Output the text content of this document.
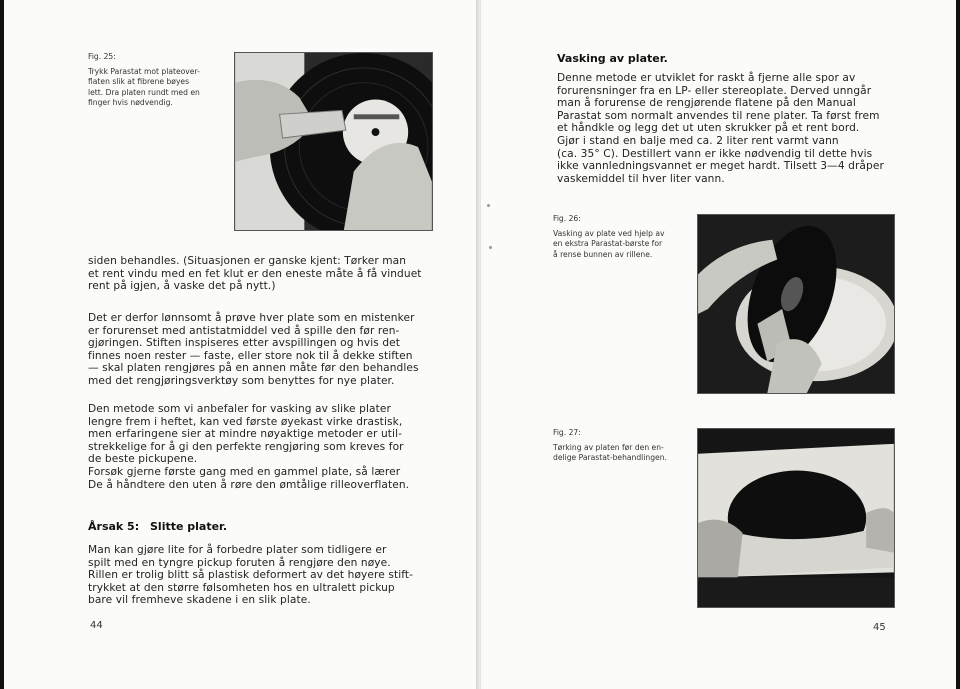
Fig. 25:
Trykk Parastat mot plateover-
flaten slik at fibrene bøyes
lett. Dra platen rundt med en
finger hvis nødvendig.

siden behandles. (Situasjonen er ganske kjent: Tørker man
et rent vindu med en fet klut er den eneste måte å få vinduet
rent på igjen, å vaske det på nytt.)

Det er derfor lønnsomt å prøve hver plate som en mistenker
er forurenset med antistatmiddel ved å spille den før ren-
gjøringen. Stiften inspiseres etter avspillingen og hvis det
finnes noen rester — faste, eller store nok til å dekke stiften
— skal platen rengjøres på en annen måte før den behandles
med det rengjøringsverktøy som benyttes for nye plater.

Den metode som vi anbefaler for vasking av slike plater
lengre frem i heftet, kan ved første øyekast virke drastisk,
men erfaringene sier at mindre nøyaktige metoder er util-
strekkelige for å gi den perfekte rengjøring som kreves for
de beste pickupene.
Forsøk gjerne første gang med en gammel plate, så lærer
De å håndtere den uten å røre den ømtålige rilleoverflaten.

Årsak 5: Slitte plater.

Man kan gjøre lite for å forbedre plater som tidligere er
spilt med en tyngre pickup foruten å rengjøre den nøye.
Rillen er trolig blitt så plastisk deformert av det høyere stift-
trykket at den større følsomheten hos en ultralett pickup
bare vil fremheve skadene i en slik plate.

44

Vasking av plater.

Denne metode er utviklet for raskt å fjerne alle spor av
forurensninger fra en LP- eller stereoplate. Derved unngår
man å forurense de rengjørende flatene på den Manual
Parastat som normalt anvendes til rene plater. Ta først frem
et håndkle og legg det ut uten skrukker på et rent bord.
Gjør i stand en balje med ca. 2 liter rent varmt vann
(ca. 35° C). Destillert vann er ikke nødvendig til dette hvis
ikke vannledningsvannet er meget hardt. Tilsett 3—4 dråper
vaskemiddel til hver liter vann.

Fig. 26:
Vasking av plate ved hjelp av
en ekstra Parastat-børste for
å rense bunnen av rillene.
Fig. 27:
Tørking av platen før den en-
delige Parastat-behandlingen.
45
